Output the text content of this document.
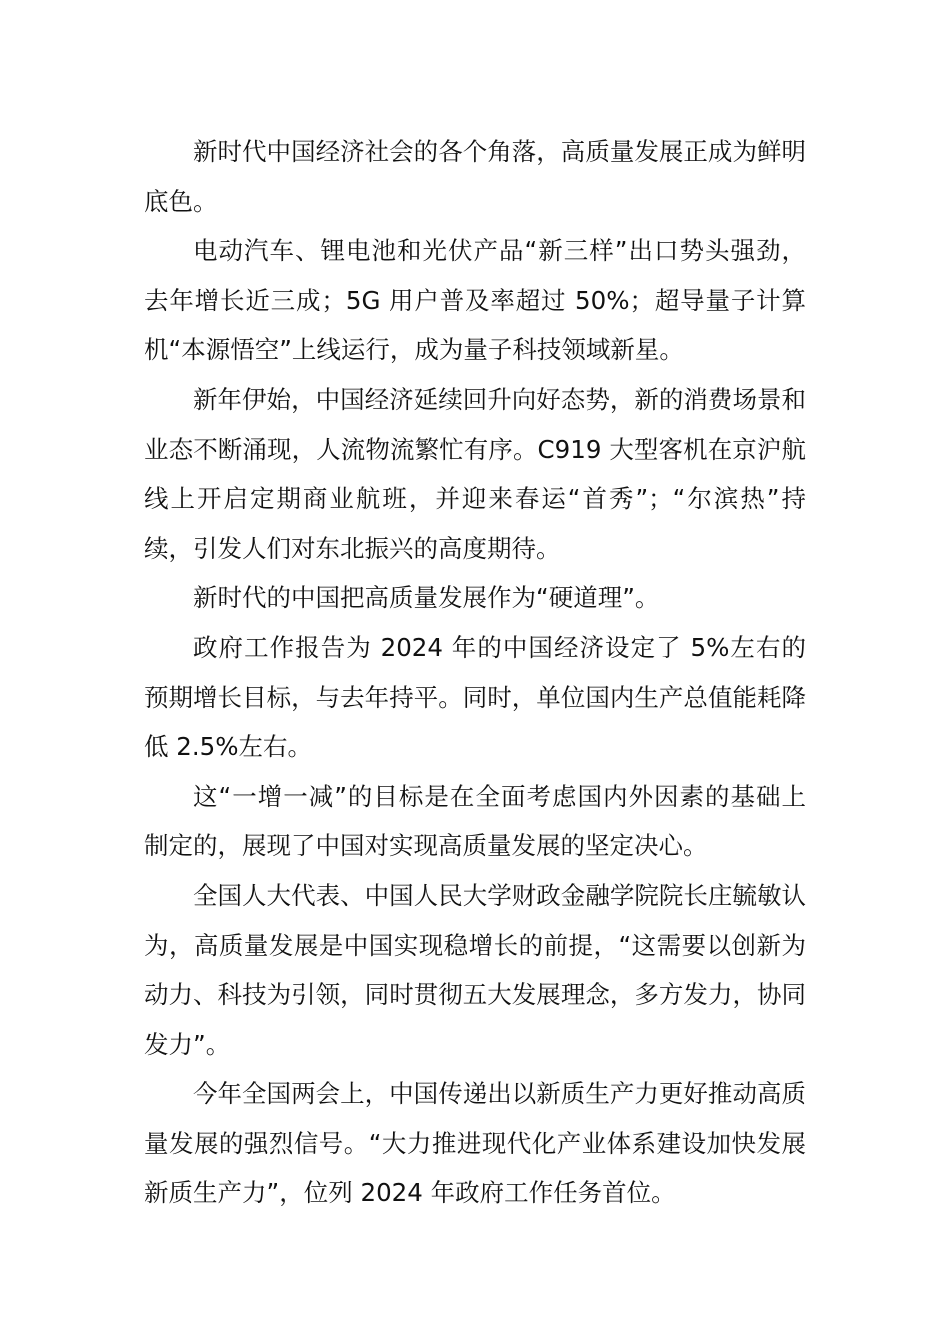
新时代中国经济社会的各个角落，高质量发展正成为鲜明底色。

电动汽车、锂电池和光伏产品“新三样”出口势头强劲，去年增长近三成；5G 用户普及率超过 50%；超导量子计算机“本源悟空”上线运行，成为量子科技领域新星。

新年伊始，中国经济延续回升向好态势，新的消费场景和业态不断涌现，人流物流繁忙有序。C919 大型客机在京沪航线上开启定期商业航班，并迎来春运“首秀”；“尔滨热”持续，引发人们对东北振兴的高度期待。

新时代的中国把高质量发展作为“硬道理”。

政府工作报告为 2024 年的中国经济设定了 5%左右的预期增长目标，与去年持平。同时，单位国内生产总值能耗降低 2.5%左右。

这“一增一减”的目标是在全面考虑国内外因素的基础上制定的，展现了中国对实现高质量发展的坚定决心。

全国人大代表、中国人民大学财政金融学院院长庄毓敏认为，高质量发展是中国实现稳增长的前提，“这需要以创新为动力、科技为引领，同时贯彻五大发展理念，多方发力，协同发力”。

今年全国两会上，中国传递出以新质生产力更好推动高质量发展的强烈信号。“大力推进现代化产业体系建设加快发展新质生产力”，位列 2024 年政府工作任务首位。
